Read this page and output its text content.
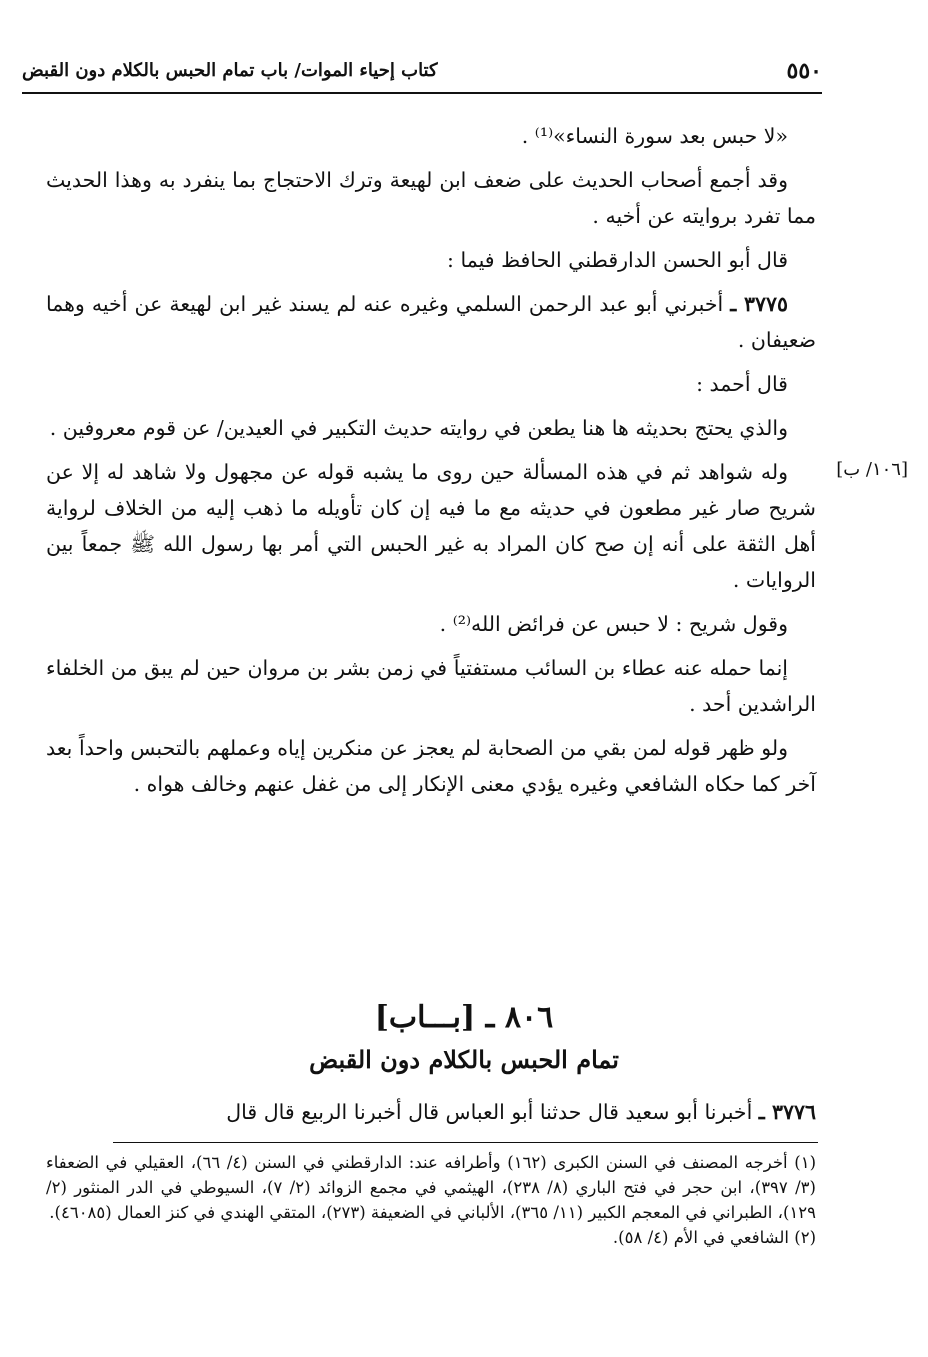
٥٥٠
كتاب إحياء الموات/ باب تمام الحبس بالكلام دون القبض
[١٠٦/ ب]

«لا حبس بعد سورة النساء»⁽¹⁾ .

وقد أجمع أصحاب الحديث على ضعف ابن لهيعة وترك الاحتجاج بما ينفرد به وهذا الحديث مما تفرد بروايته عن أخيه .

قال أبو الحسن الدارقطني الحافظ فيما :

٣٧٧٥ ـ أخبرني أبو عبد الرحمن السلمي وغيره عنه لم يسند غير ابن لهيعة عن أخيه وهما ضعيفان .

قال أحمد :

والذي يحتج بحديثه ها هنا يطعن في روايته حديث التكبير في العيدين/ عن قوم معروفين .

وله شواهد ثم في هذه المسألة حين روى ما يشبه قوله عن مجهول ولا شاهد له إلا عن شريح صار غير مطعون في حديثه مع ما فيه إن كان تأويله ما ذهب إليه من الخلاف لرواية أهل الثقة على أنه إن صح كان المراد به غير الحبس التي أمر بها رسول الله ﷺ جمعاً بين الروايات .

وقول شريح : لا حبس عن فرائض الله⁽²⁾ .

إنما حمله عنه عطاء بن السائب مستفتياً في زمن بشر بن مروان حين لم يبق من الخلفاء الراشدين أحد .

ولو ظهر قوله لمن بقي من الصحابة لم يعجز عن منكرين إياه وعملهم بالتحبس واحداً بعد آخر كما حكاه الشافعي وغيره يؤدي معنى الإنكار إلى من غفل عنهم وخالف هواه .

٨٠٦ ـ [بـــاب]
تمام الحبس بالكلام دون القبض
٣٧٧٦ ـ أخبرنا أبو سعيد قال حدثنا أبو العباس قال أخبرنا الربيع قال قال

(١) أخرجه المصنف في السنن الكبرى (١٦٢) وأطرافه عند: الدارقطني في السنن (٤/ ٦٦)، العقيلي في الضعفاء (٣/ ٣٩٧)، ابن حجر في فتح الباري (٨/ ٢٣٨)، الهيثمي في مجمع الزوائد (٢/ ٧)، السيوطي في الدر المنثور (٢/ ١٢٩)، الطبراني في المعجم الكبير (١١/ ٣٦٥)، الألباني في الضعيفة (٢٧٣)، المتقي الهندي في كنز العمال (٤٦٠٨٥).

(٢) الشافعي في الأم (٤/ ٥٨).
